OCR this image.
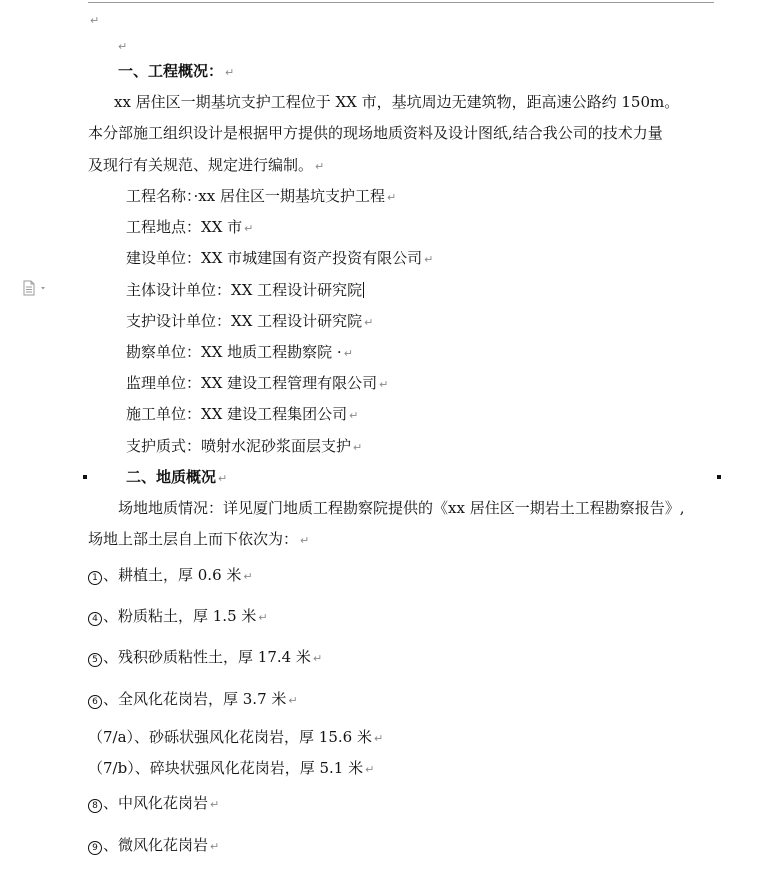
↵
↵
一、工程概况： ↵
xx 居住区一期基坑支护工程位于 XX 市，基坑周边无建筑物，距高速公路约 150m。
本分部施工组织设计是根据甲方提供的现场地质资料及设计图纸,结合我公司的技术力量
及现行有关规范、规定进行编制。 ↵
工程名称：·xx 居住区一期基坑支护工程 ↵
工程地点：XX 市 ↵
建设单位：XX 市城建国有资产投资有限公司 ↵
主体设计单位：XX 工程设计研究院
支护设计单位：XX 工程设计研究院 ↵
勘察单位：XX 地质工程勘察院 · ↵
监理单位：XX 建设工程管理有限公司 ↵
施工单位：XX 建设工程集团公司 ↵
支护质式：喷射水泥砂浆面层支护 ↵
二、地质概况 ↵
场地地质情况：详见厦门地质工程勘察院提供的《xx 居住区一期岩土工程勘察报告》,
场地上部土层自上而下依次为： ↵
1 、耕植土，厚 0.6 米 ↵
4 、粉质粘土，厚 1.5 米 ↵
5 、残积砂质粘性土，厚 17.4 米 ↵
6 、全风化花岗岩，厚 3.7 米 ↵
（7/a）、砂砾状强风化花岗岩，厚 15.6 米 ↵
（7/b）、碎块状强风化花岗岩，厚 5.1 米 ↵
8 、中风化花岗岩 ↵
9 、微风化花岗岩 ↵
